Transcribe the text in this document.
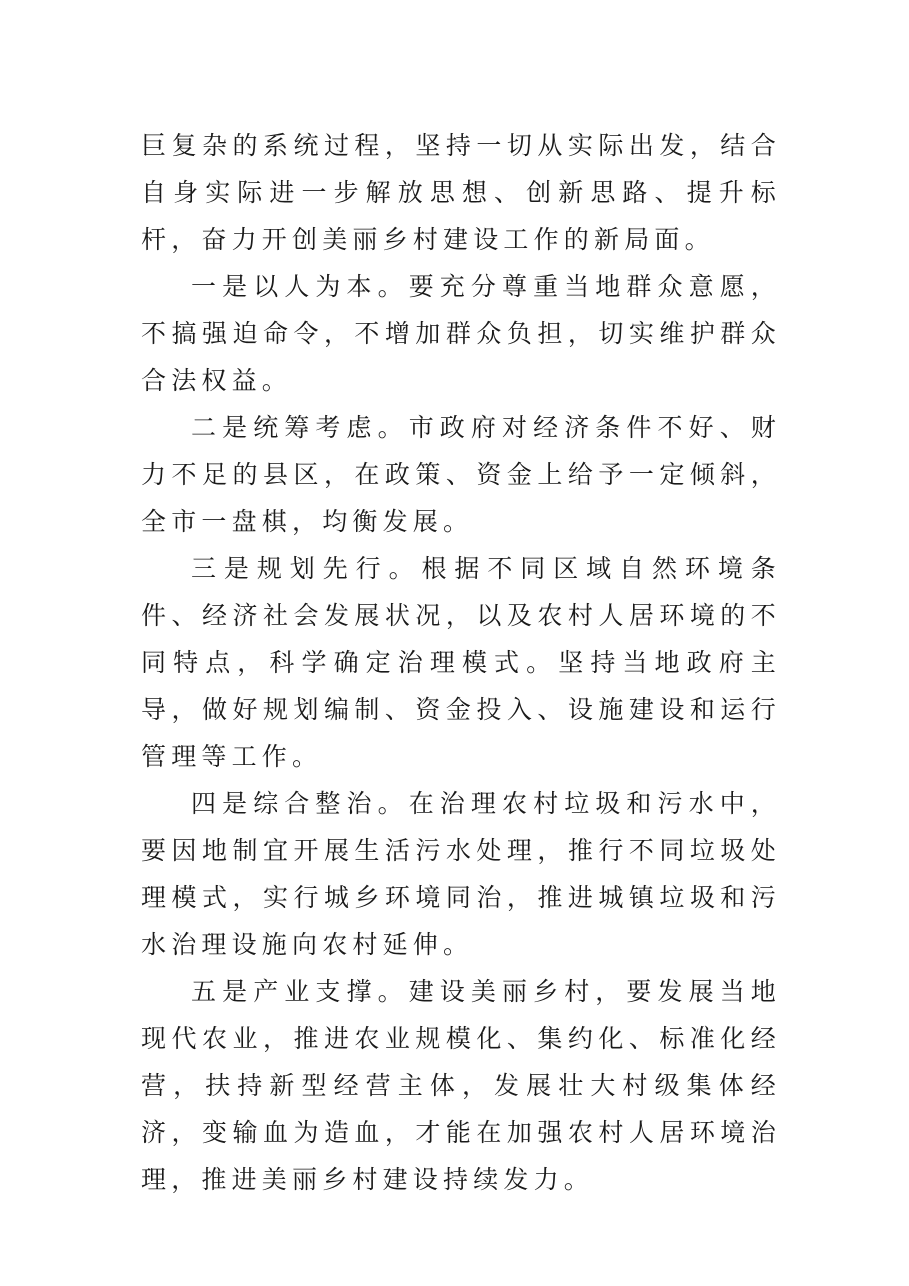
巨复杂的系统过程，坚持一切从实际出发，结合自身实际进一步解放思想、创新思路、提升标杆，奋力开创美丽乡村建设工作的新局面。

一是以人为本。要充分尊重当地群众意愿，不搞强迫命令，不增加群众负担，切实维护群众合法权益。

二是统筹考虑。市政府对经济条件不好、财力不足的县区，在政策、资金上给予一定倾斜，全市一盘棋，均衡发展。

三是规划先行。根据不同区域自然环境条件、经济社会发展状况，以及农村人居环境的不同特点，科学确定治理模式。坚持当地政府主导，做好规划编制、资金投入、设施建设和运行管理等工作。

四是综合整治。在治理农村垃圾和污水中，要因地制宜开展生活污水处理，推行不同垃圾处理模式，实行城乡环境同治，推进城镇垃圾和污水治理设施向农村延伸。

五是产业支撑。建设美丽乡村，要发展当地现代农业，推进农业规模化、集约化、标准化经营，扶持新型经营主体，发展壮大村级集体经济，变输血为造血，才能在加强农村人居环境治理，推进美丽乡村建设持续发力。
